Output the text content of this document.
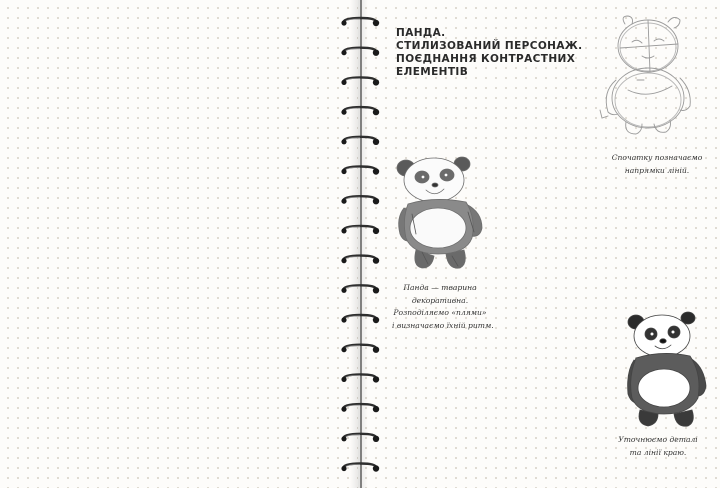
ПАНДА.
СТИЛИЗОВАНИЙ ПЕРСОНАЖ.
ПОЄДНАННЯ КОНТРАСТНИХ
ЕЛЕМЕНТІВ
Панда — тварина
декоративна.
Розподіляємо «плями»
і визначаємо їхній ритм.
Спочатку позначаємо
напрямки ліній.
Уточнюємо деталі
та лінії краю.
